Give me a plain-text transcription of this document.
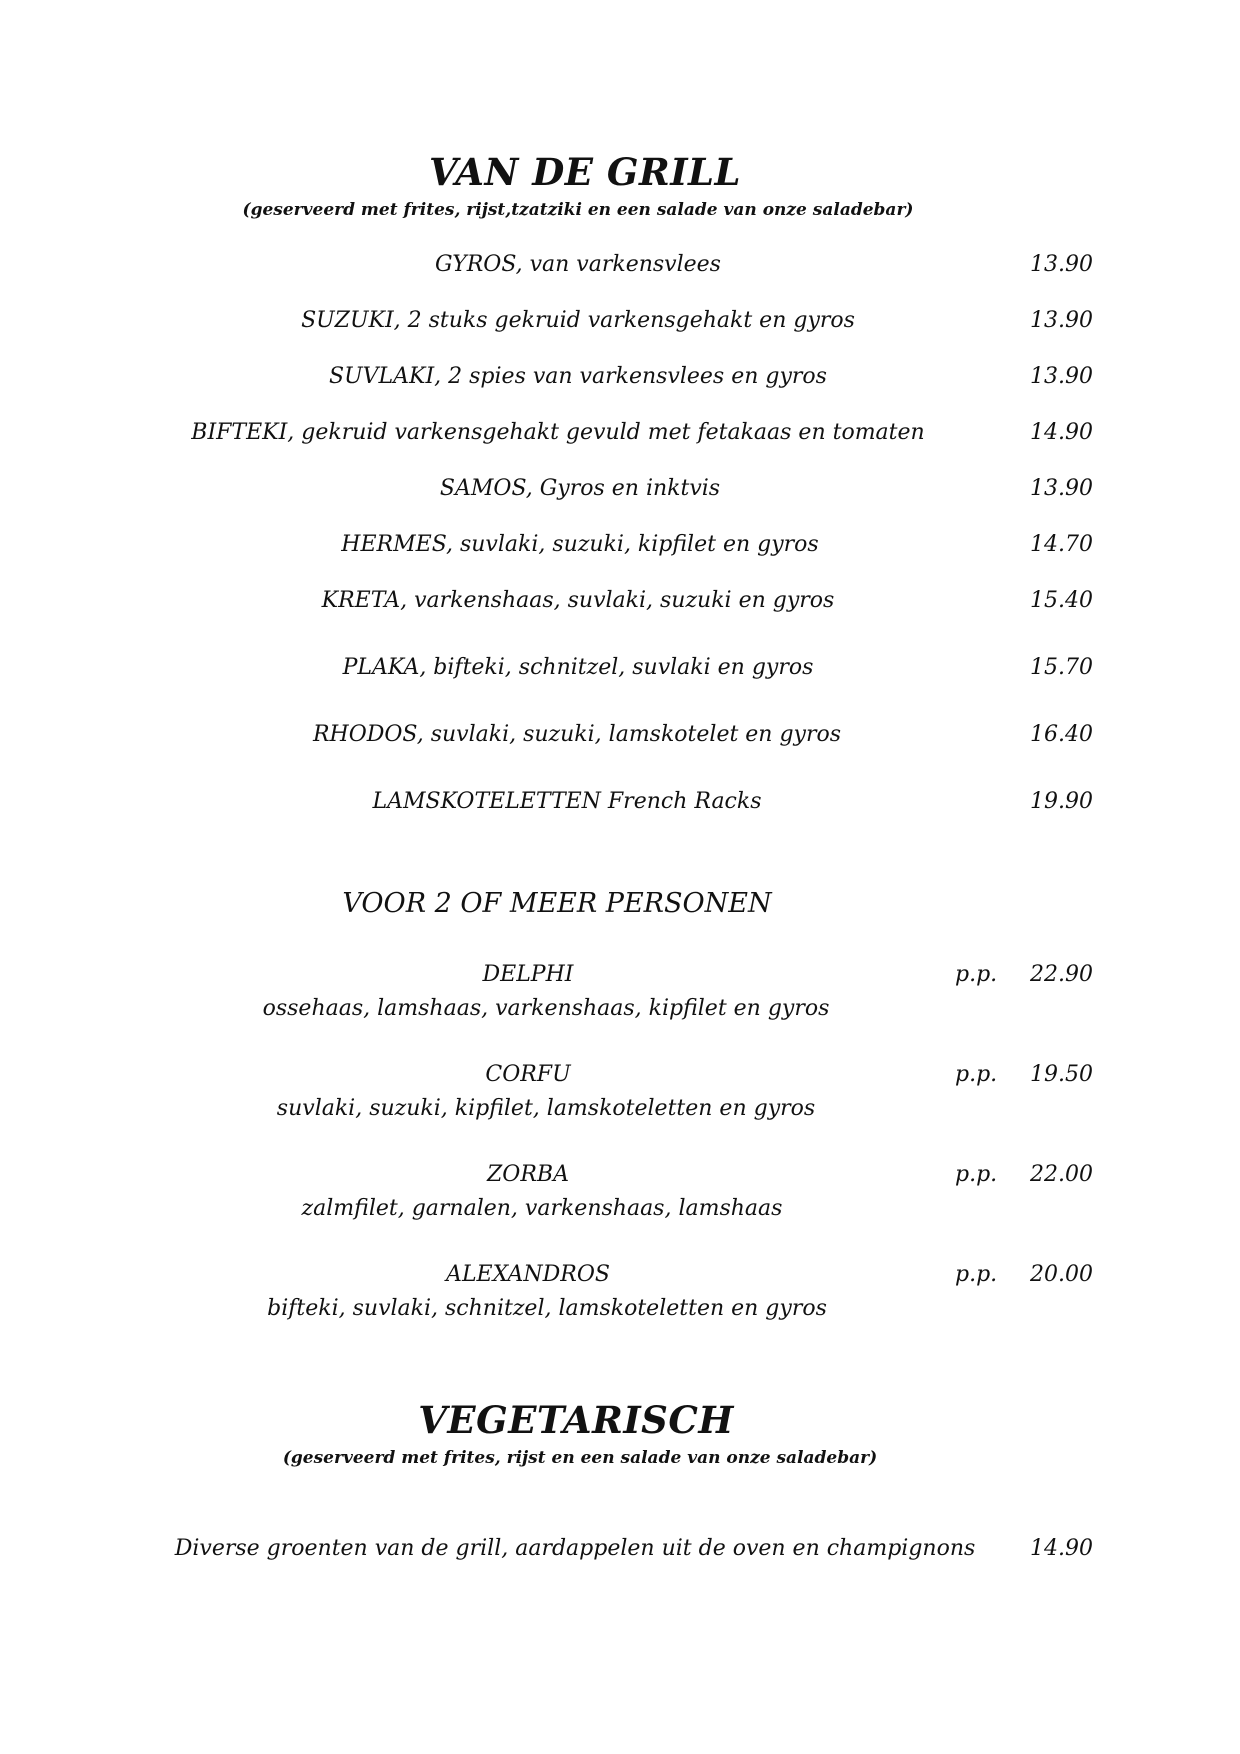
VAN DE GRILL
(geserveerd met frites, rijst,tzatziki en een salade van onze saladebar)
GYROS, van varkensvlees	13.90
SUZUKI, 2 stuks gekruid varkensgehakt en gyros	13.90
SUVLAKI, 2 spies van varkensvlees en gyros	13.90
BIFTEKI, gekruid varkensgehakt gevuld met fetakaas en tomaten	14.90
SAMOS, Gyros en inktvis	13.90
HERMES, suvlaki, suzuki, kipfilet en gyros	14.70
KRETA, varkenshaas, suvlaki, suzuki en gyros	15.40
PLAKA, bifteki, schnitzel, suvlaki en gyros	15.70
RHODOS, suvlaki, suzuki, lamskotelet en gyros	16.40
LAMSKOTELETTEN French Racks	19.90
VOOR 2 OF MEER PERSONEN
DELPHI	p.p. 22.90
ossehaas, lamshaas, varkenshaas, kipfilet en gyros
CORFU	p.p. 19.50
suvlaki, suzuki, kipfilet, lamskoteletten en gyros
ZORBA	p.p. 22.00
zalmfilet, garnalen, varkenshaas, lamshaas
ALEXANDROS	p.p. 20.00
bifteki, suvlaki, schnitzel, lamskoteletten en gyros
VEGETARISCH
(geserveerd met frites, rijst en een salade van onze saladebar)
Diverse groenten van de grill, aardappelen uit de oven en champignons 14.90
